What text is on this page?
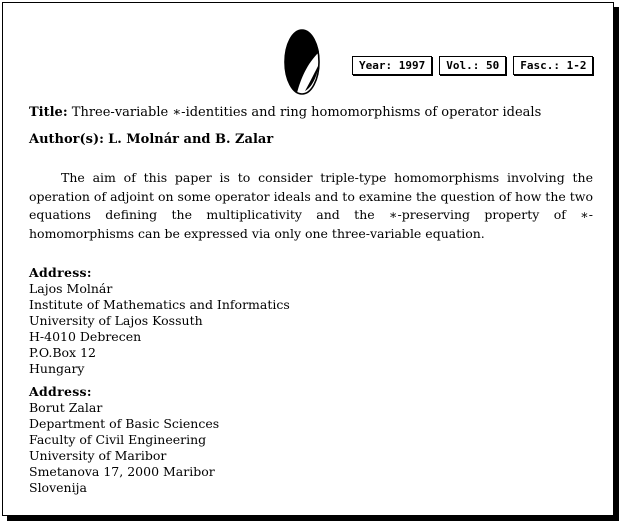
Year: 1997	Vol.: 50	Fasc.: 1-2
Title: Three-variable ∗-identities and ring homomorphisms of operator ideals
Author(s): L. Molnár and B. Zalar

The aim of this paper is to consider triple-type homomorphisms involving the operation of adjoint on some operator ideals and to examine the question of how the two equations defining the multiplicativity and the ∗-preserving property of ∗-homomorphisms can be expressed via only one three-variable equation.

Address:
Lajos Molnár
Institute of Mathematics and Informatics
University of Lajos Kossuth
H-4010 Debrecen
P.O.Box 12
Hungary
Address:
Borut Zalar
Department of Basic Sciences
Faculty of Civil Engineering
University of Maribor
Smetanova 17, 2000 Maribor
Slovenija
